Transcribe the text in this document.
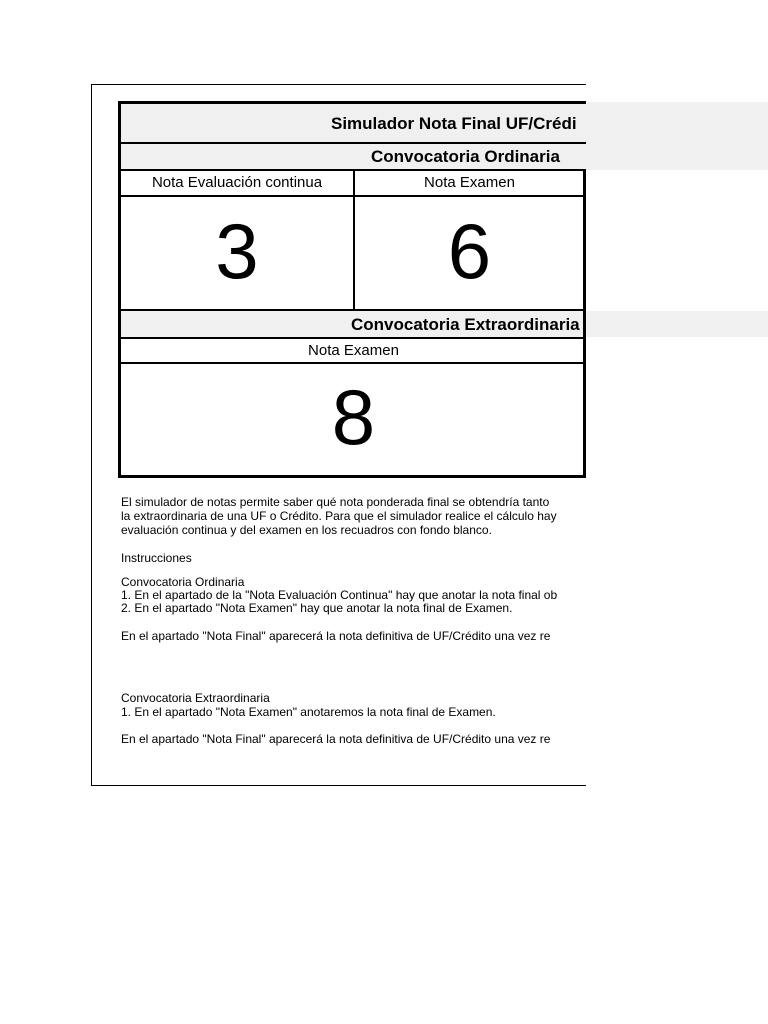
Simulador Nota Final UF/Crédi
Convocatoria Ordinaria
Nota Evaluación continua	Nota Examen
3	6
Convocatoria Extraordinaria
Nota Examen
8
El simulador de notas permite saber qué nota ponderada final se obtendría tanto
la extraordinaria de una UF o Crédito. Para que el simulador realice el cálculo hay
evaluación continua y del examen en los recuadros con fondo blanco.
Instrucciones
Convocatoria Ordinaria
1. En el apartado de la "Nota Evaluación Continua" hay que anotar la nota final ob
2. En el apartado "Nota Examen" hay que anotar la nota final de Examen.
En el apartado "Nota Final" aparecerá la nota definitiva de UF/Crédito una vez re
Convocatoria Extraordinaria
1. En el apartado "Nota Examen" anotaremos la nota final de Examen.
En el apartado "Nota Final" aparecerá la nota definitiva de UF/Crédito una vez re
